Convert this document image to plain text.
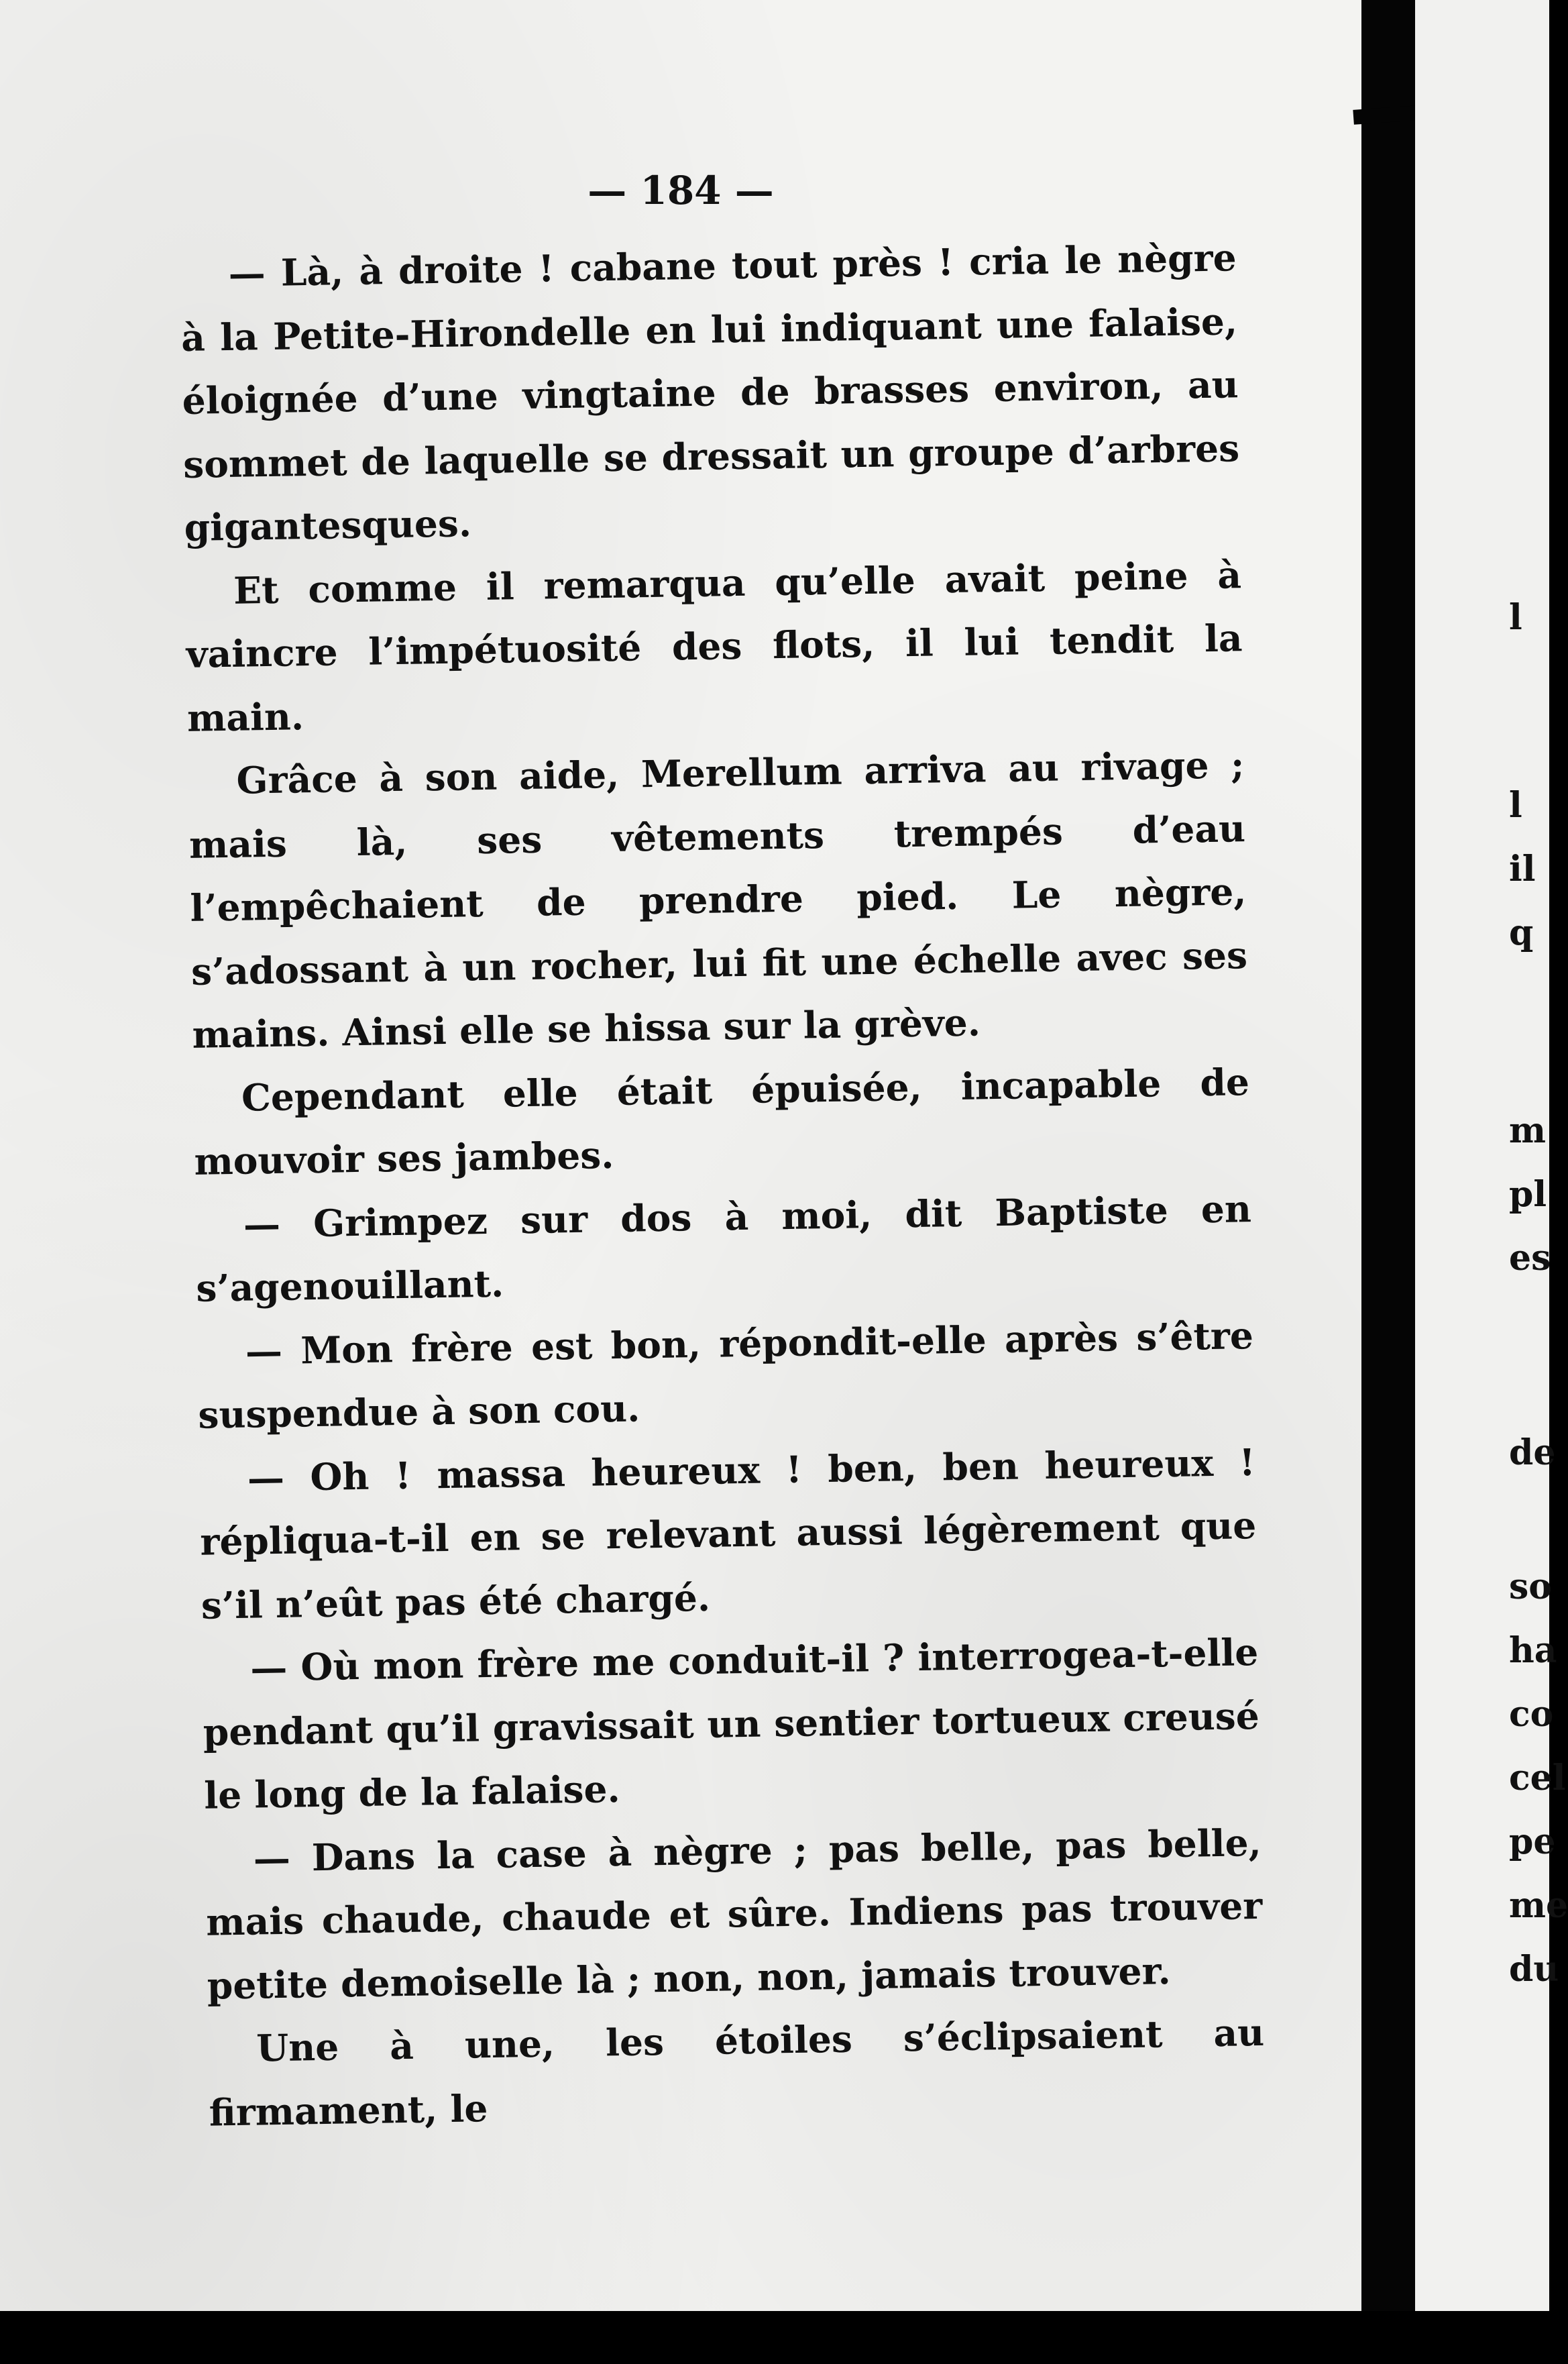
— 184 —

— Là, à droite ! cabane tout près ! cria le nègre à la Petite-Hirondelle en lui indiquant une falaise, éloignée d’une vingtaine de brasses environ, au sommet de laquelle se dressait un groupe d’arbres gigantesques.

Et comme il remarqua qu’elle avait peine à vaincre l’impétuosité des flots, il lui tendit la main.

Grâce à son aide, Merellum arriva au rivage ; mais là, ses vêtements trempés d’eau l’empêchaient de prendre pied. Le nègre, s’adossant à un rocher, lui fit une échelle avec ses mains. Ainsi elle se hissa sur la grève.

Cependant elle était épuisée, incapable de mouvoir ses jambes.

— Grimpez sur dos à moi, dit Baptiste en s’agenouillant.

— Mon frère est bon, répondit-elle après s’être suspendue à son cou.

— Oh ! massa heureux ! ben, ben heureux ! répliqua-t-il en se relevant aussi légèrement que s’il n’eût pas été chargé.

— Où mon frère me conduit-il ? interrogea-t-elle pendant qu’il gravissait un sentier tortueux creusé le long de la falaise.

— Dans la case à nègre ; pas belle, pas belle, mais chaude, chaude et sûre. Indiens pas trouver petite demoiselle là ; non, non, jamais trouver.

Une à une, les étoiles s’éclipsaient au firmament, le

l
l
il
q
m
pl
es
de
so
ha
co
cel
pe
me
du
